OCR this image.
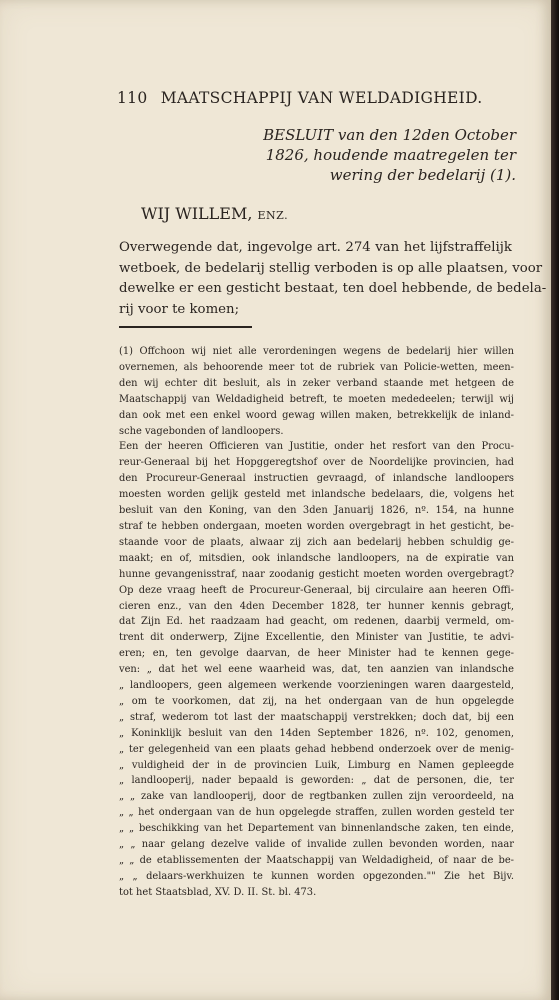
110 MAATSCHAPPIJ VAN WELDADIGHEID.
BESLUIT van den 12den October
1826, houdende maatregelen ter
wering der bedelarij (1).
WIJ WILLEM, ENZ.
Overwegende dat, ingevolge art. 274 van het lijfstraffelijk
wetboek, de bedelarij stellig verboden is op alle plaatsen, voor
dewelke er een gesticht bestaat, ten doel hebbende, de bedela-
rij voor te komen;
(1) Offchoon wij niet alle verordeningen wegens de bedelarij hier willen
overnemen, als behoorende meer tot de rubriek van Policie-wetten, meen-
den wij echter dit besluit, als in zeker verband staande met hetgeen de
Maatschappij van Weldadigheid betreft, te moeten mededeelen; terwijl wij
dan ook met een enkel woord gewag willen maken, betrekkelijk de inland-
sche vagebonden of landloopers.
Een der heeren Officieren van Justitie, onder het resfort van den Procu-
reur-Generaal bij het Hopggeregtshof over de Noordelijke provincien, had
den Procureur-Generaal instructien gevraagd, of inlandsche landloopers
moesten worden gelijk gesteld met inlandsche bedelaars, die, volgens het
besluit van den Koning, van den 3den Januarij 1826, nº. 154, na hunne
straf te hebben ondergaan, moeten worden overgebragt in het gesticht, be-
staande voor de plaats, alwaar zij zich aan bedelarij hebben schuldig ge-
maakt; en of, mitsdien, ook inlandsche landloopers, na de expiratie van
hunne gevangenisstraf, naar zoodanig gesticht moeten worden overgebragt?
Op deze vraag heeft de Procureur-Generaal, bij circulaire aan heeren Offi-
cieren enz., van den 4den December 1828, ter hunner kennis gebragt,
dat Zijn Ed. het raadzaam had geacht, om redenen, daarbij vermeld, om-
trent dit onderwerp, Zijne Excellentie, den Minister van Justitie, te advi-
eren; en, ten gevolge daarvan, de heer Minister had te kennen gege-
ven: „ dat het wel eene waarheid was, dat, ten aanzien van inlandsche
„ landloopers, geen algemeen werkende voorzieningen waren daargesteld,
„ om te voorkomen, dat zij, na het ondergaan van de hun opgelegde
„ straf, wederom tot last der maatschappij verstrekken; doch dat, bij een
„ Koninklijk besluit van den 14den September 1826, nº. 102, genomen,
„ ter gelegenheid van een plaats gehad hebbend onderzoek over de menig-
„ vuldigheid der in de provincien Luik, Limburg en Namen gepleegde
„ landlooperij, nader bepaald is geworden: „ dat de personen, die, ter
„ „ zake van landlooperij, door de regtbanken zullen zijn veroordeeld, na
„ „ het ondergaan van de hun opgelegde straffen, zullen worden gesteld ter
„ „ beschikking van het Departement van binnenlandsche zaken, ten einde,
„ „ naar gelang dezelve valide of invalide zullen bevonden worden, naar
„ „ de etablissementen der Maatschappij van Weldadigheid, of naar de be-
„ „ delaars-werkhuizen te kunnen worden opgezonden."" Zie het Bijv.
tot het Staatsblad, XV. D. II. St. bl. 473.
